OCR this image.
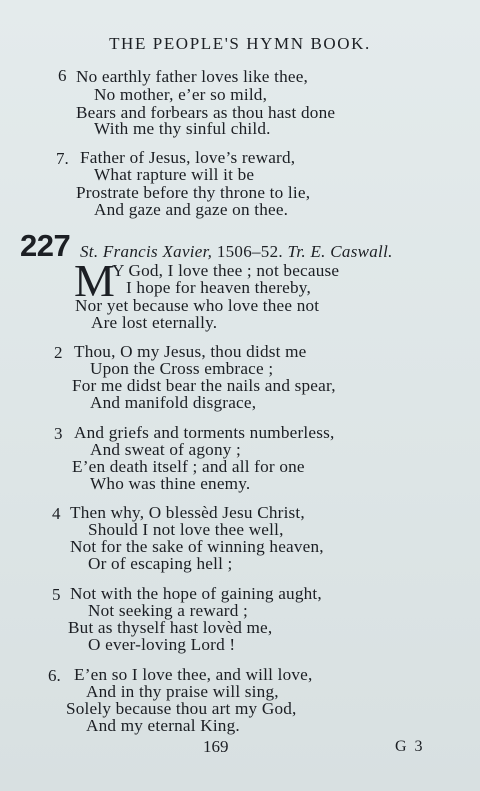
THE PEOPLE'S HYMN BOOK.
6 No earthly father loves like thee,
No mother, e’er so mild,
Bears and forbears as thou hast done
With me thy sinful child.
7. Father of Jesus, love’s reward,
What rapture will it be
Prostrate before thy throne to lie,
And gaze and gaze on thee.
227 St. Francis Xavier, 1506–52. Tr. E. Caswall.
M
Y God, I love thee ; not because
I hope for heaven thereby,
Nor yet because who love thee not
Are lost eternally.
2 Thou, O my Jesus, thou didst me
Upon the Cross embrace ;
For me didst bear the nails and spear,
And manifold disgrace,
3 And griefs and torments numberless,
And sweat of agony ;
E’en death itself ; and all for one
Who was thine enemy.
4 Then why, O blessèd Jesu Christ,
Should I not love thee well,
Not for the sake of winning heaven,
Or of escaping hell ;
5 Not with the hope of gaining aught,
Not seeking a reward ;
But as thyself hast lovèd me,
O ever-loving Lord !
6. E’en so I love thee, and will love,
And in thy praise will sing,
Solely because thou art my God,
And my eternal King.
169	G 3
